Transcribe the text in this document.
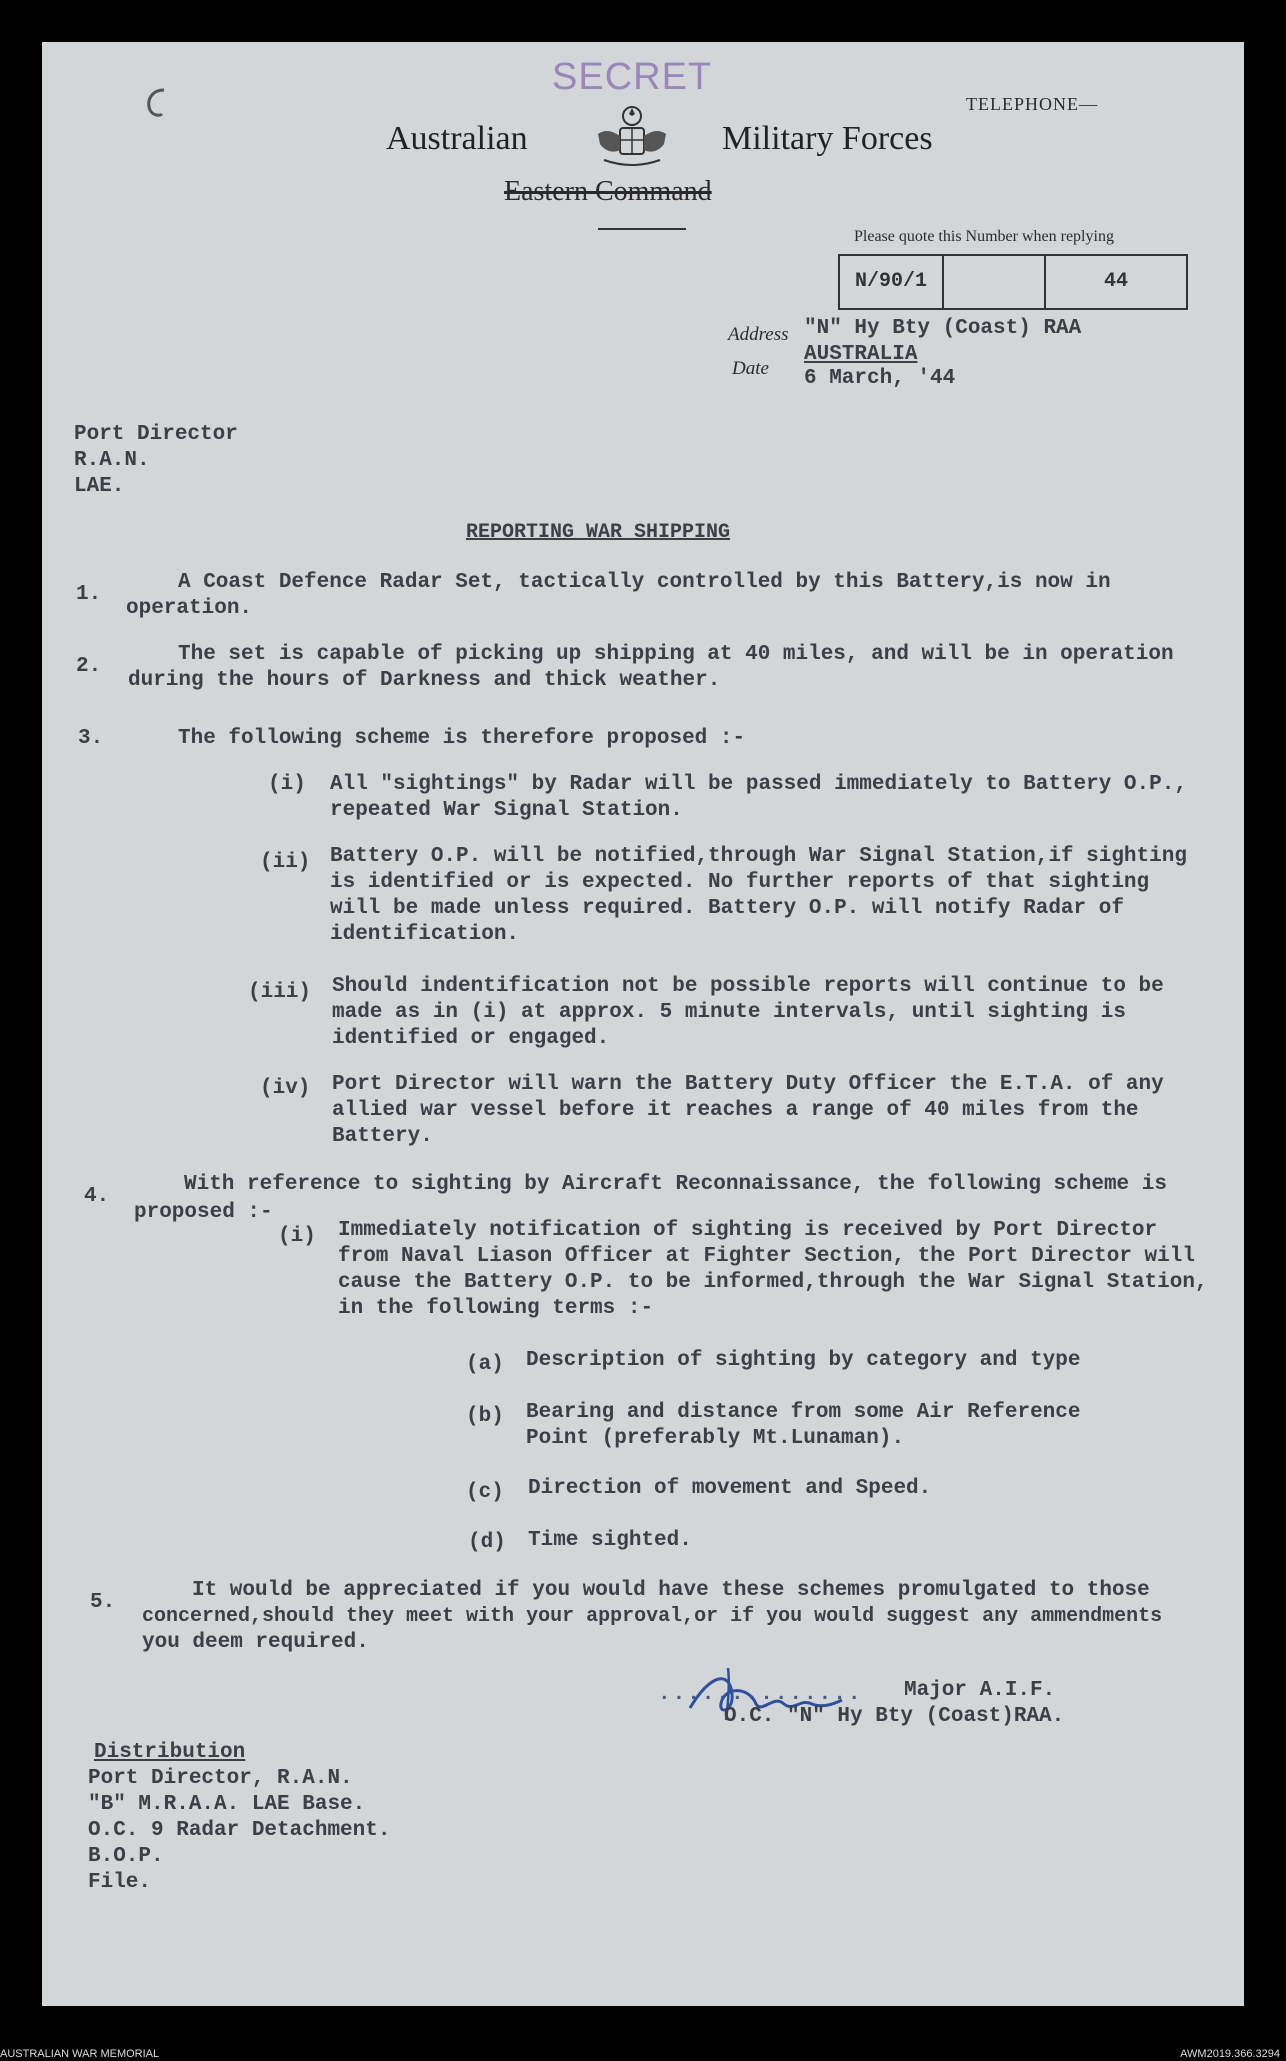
SECRET
TELEPHONE—
Australian	Military Forces
Eastern Command
Please quote this Number when replying
N/90/1	44
Address "N" Hy Bty (Coast) RAA
AUSTRALIA
Date 6 March, '44
Port Director
R.A.N.
LAE.
REPORTING WAR SHIPPING
1.
A Coast Defence Radar Set, tactically controlled by this Battery,is now in
operation.
2.
The set is capable of picking up shipping at 40 miles, and will be in operation
during the hours of Darkness and thick weather.
3.	The following scheme is therefore proposed :-
(i) All "sightings" by Radar will be passed immediately to Battery O.P.,
repeated War Signal Station.
(ii) Battery O.P. will be notified,through War Signal Station,if sighting
is identified or is expected. No further reports of that sighting
will be made unless required. Battery O.P. will notify Radar of
identification.
(iii) Should indentification not be possible reports will continue to be
made as in (i) at approx. 5 minute intervals, until sighting is
identified or engaged.
(iv) Port Director will warn the Battery Duty Officer the E.T.A. of any
allied war vessel before it reaches a range of 40 miles from the
Battery.
4.
With reference to sighting by Aircraft Reconnaissance, the following scheme is
proposed :-
(i) Immediately notification of sighting is received by Port Director
from Naval Liason Officer at Fighter Section, the Port Director will
cause the Battery O.P. to be informed,through the War Signal Station,
in the following terms :-
(a) Description of sighting by category and type
(b) Bearing and distance from some Air Reference
Point (preferably Mt.Lunaman).
(c) Direction of movement and Speed.
(d) Time sighted.
5.
It would be appreciated if you would have these schemes promulgated to those
concerned,should they meet with your approval,or if you would suggest any ammendments
you deem required.
.............. Major A.I.F.
O.C. "N" Hy Bty (Coast)RAA.
Distribution
Port Director, R.A.N.
"B" M.R.A.A. LAE Base.
O.C. 9 Radar Detachment.
B.O.P.
File.
AUSTRALIAN WAR MEMORIAL	AWM2019.366.3294
